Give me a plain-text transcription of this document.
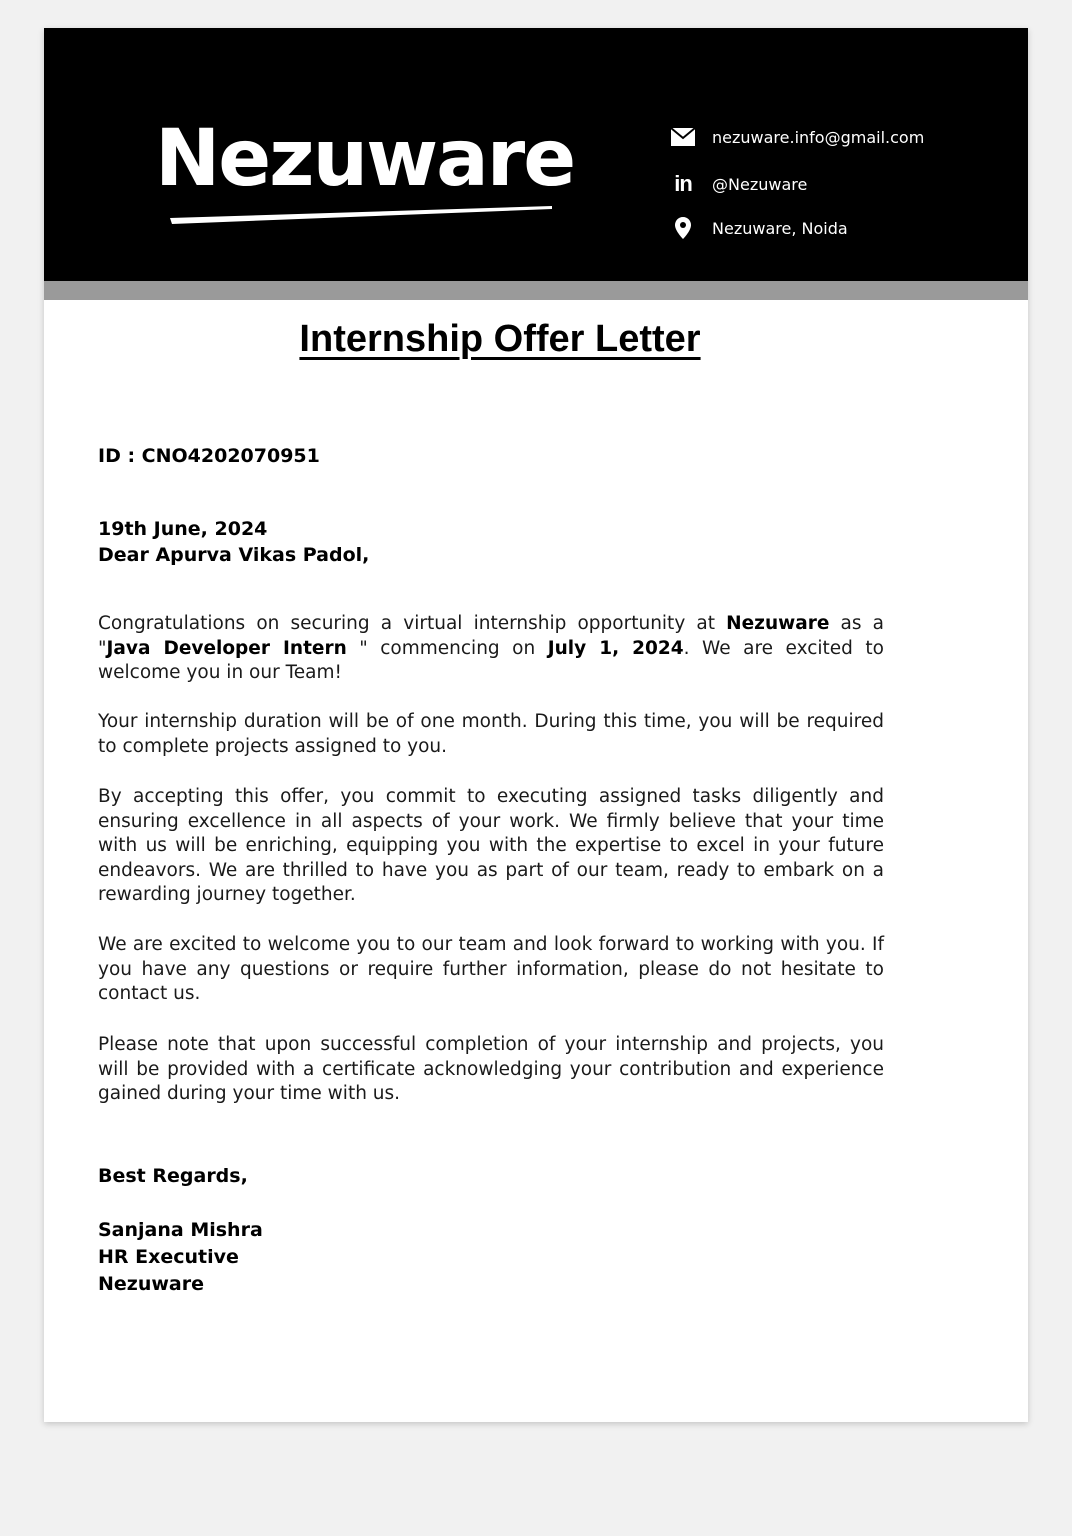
Nezuware	nezuware.info@gmail.com
in @Nezuware
Nezuware, Noida
Internship Offer Letter
ID : CNO4202070951
19th June, 2024
Dear Apurva Vikas Padol,
Congratulations on securing a virtual internship opportunity at Nezuware as a "Java Developer Intern " commencing on July 1, 2024. We are excited to welcome you in our Team!
Your internship duration will be of one month. During this time, you will be required to complete projects assigned to you.
By accepting this offer, you commit to executing assigned tasks diligently and ensuring excellence in all aspects of your work. We firmly believe that your time with us will be enriching, equipping you with the expertise to excel in your future endeavors. We are thrilled to have you as part of our team, ready to embark on a rewarding journey together.
We are excited to welcome you to our team and look forward to working with you. If you have any questions or require further information, please do not hesitate to contact us.
Please note that upon successful completion of your internship and projects, you will be provided with a certificate acknowledging your contribution and experience gained during your time with us.
Best Regards,
Sanjana Mishra
HR Executive
Nezuware
